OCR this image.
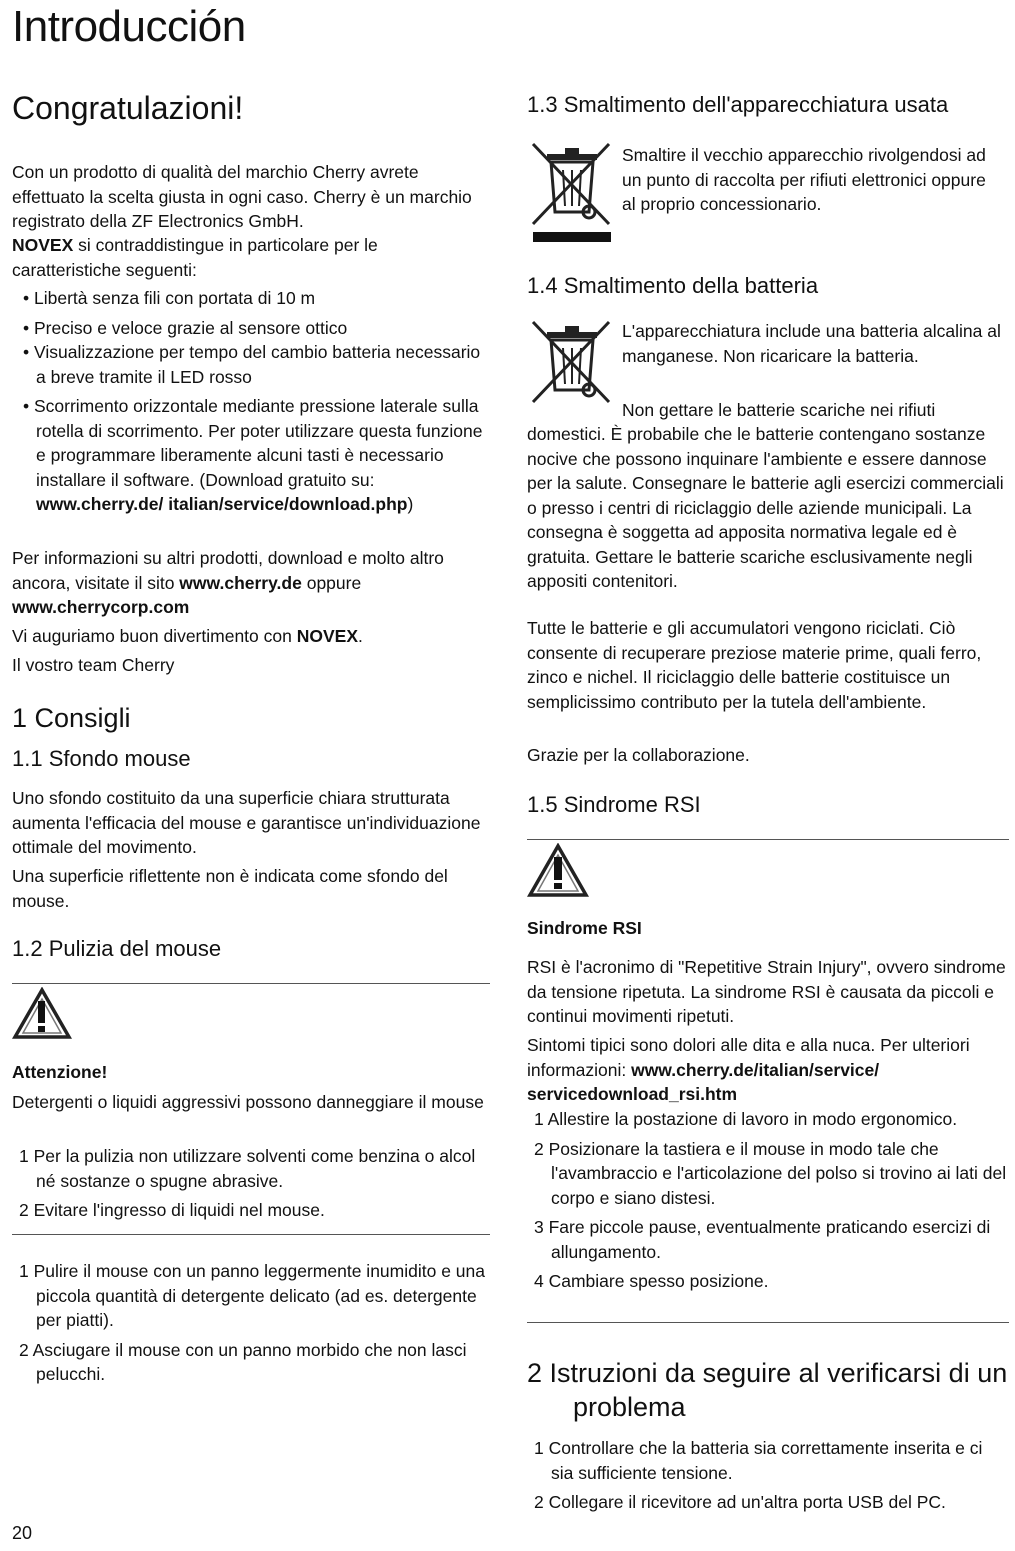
Introducción
Congratulazioni!

Con un prodotto di qualità del marchio Cherry avrete effettuato la scelta giusta in ogni caso. Cherry è un marchio registrato della ZF Electronics GmbH.

NOVEX si contraddistingue in particolare per le caratteristiche seguenti:

• Libertà senza fili con portata di 10 m
• Preciso e veloce grazie al sensore ottico
• Visualizzazione per tempo del cambio batteria necessario a breve tramite il LED rosso
• Scorrimento orizzontale mediante pressione laterale sulla rotella di scorrimento. Per poter utilizzare questa funzione e programmare liberamente alcuni tasti è necessario installare il software. (Download gratuito su: www.cherry.de/ italian/service/download.php)

Per informazioni su altri prodotti, download e molto altro ancora, visitate il sito www.cherry.de oppure www.cherrycorp.com

Vi auguriamo buon divertimento con NOVEX.

Il vostro team Cherry

1 Consigli
1.1 Sfondo mouse

Uno sfondo costituito da una superficie chiara strutturata aumenta l'efficacia del mouse e garantisce un'individuazione ottimale del movimento.

Una superficie riflettente non è indicata come sfondo del mouse.

1.2 Pulizia del mouse

Attenzione!

Detergenti o liquidi aggressivi possono danneggiare il mouse

1 Per la pulizia non utilizzare solventi come benzina o alcol né sostanze o spugne abrasive.
2 Evitare l'ingresso di liquidi nel mouse.
1 Pulire il mouse con un panno leggermente inumidito e una piccola quantità di detergente delicato (ad es. detergente per piatti).
2 Asciugare il mouse con un panno morbido che non lasci pelucchi.
20
1.3 Smaltimento dell'apparecchiatura usata

Smaltire il vecchio apparecchio rivolgendosi ad un punto di raccolta per rifiuti elettronici oppure al proprio concessionario.

1.4 Smaltimento della batteria

L'apparecchiatura include una batteria alcalina al manganese. Non ricaricare la batteria.

Non gettare le batterie scariche nei rifiuti

domestici. È probabile che le batterie contengano sostanze nocive che possono inquinare l'ambiente e essere dannose per la salute. Consegnare le batterie agli esercizi commerciali o presso i centri di riciclaggio delle aziende municipali. La consegna è soggetta ad apposita normativa legale ed è gratuita. Gettare le batterie scariche esclusivamente negli appositi contenitori.

Tutte le batterie e gli accumulatori vengono riciclati. Ciò consente di recuperare preziose materie prime, quali ferro, zinco e nichel. Il riciclaggio delle batterie costituisce un semplicissimo contributo per la tutela dell'ambiente.

Grazie per la collaborazione.

1.5 Sindrome RSI

Sindrome RSI

RSI è l'acronimo di "Repetitive Strain Injury", ovvero sindrome da tensione ripetuta. La sindrome RSI è causata da piccoli e continui movimenti ripetuti.

Sintomi tipici sono dolori alle dita e alla nuca. Per ulteriori informazioni: www.cherry.de/italian/service/ servicedownload_rsi.htm

1 Allestire la postazione di lavoro in modo ergonomico.
2 Posizionare la tastiera e il mouse in modo tale che l'avambraccio e l'articolazione del polso si trovino ai lati del corpo e siano distesi.
3 Fare piccole pause, eventualmente praticando esercizi di allungamento.
4 Cambiare spesso posizione.
2 Istruzioni da seguire al verificarsi di un problema
1 Controllare che la batteria sia correttamente inserita e ci sia sufficiente tensione.
2 Collegare il ricevitore ad un'altra porta USB del PC.
